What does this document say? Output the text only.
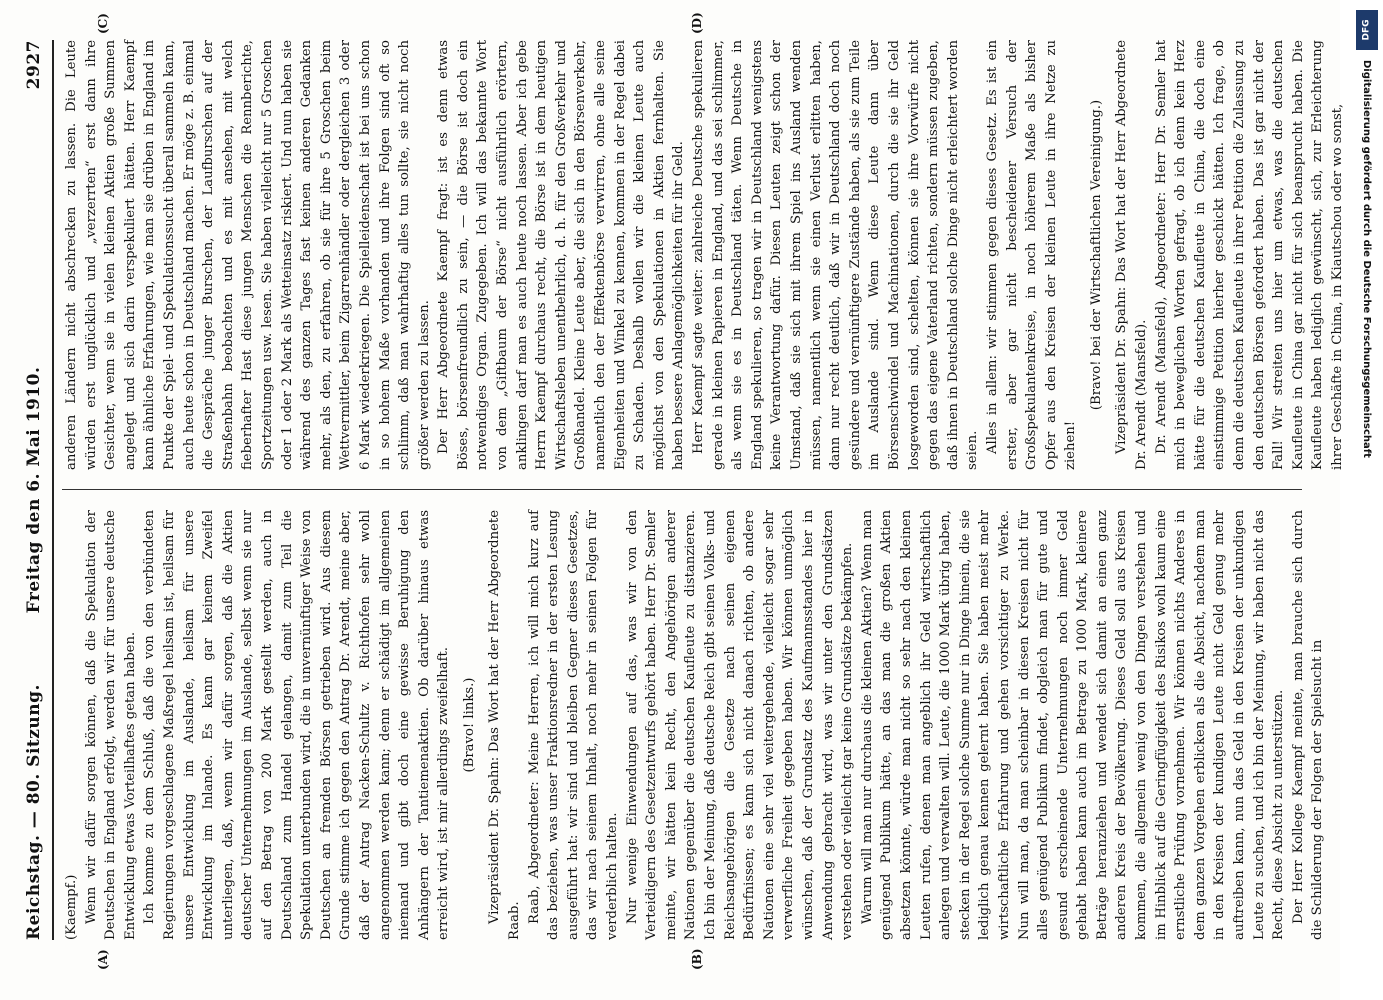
Reichstag. — 80. Sitzung.
Freitag den 6. Mai 1910.
2927
(A)	(B)
(C)	(D)

(Kaempf.) Wenn wir dafür sorgen können, daß die Spekulation der Deutschen in England erfolgt, werden wir für unsere deutsche Entwicklung etwas Vorteilhaftes getan haben. Ich komme zu dem Schluß, daß die von den verbündeten Regierungen vorgeschlagene Maßregel heilsam ist, heilsam für unsere Entwicklung im Auslande, heilsam für unsere Entwicklung im Inlande. Es kann gar keinem Zweifel unterliegen, daß, wenn wir dafür sorgen, daß die Aktien deutscher Unternehmungen im Auslande, selbst wenn sie nur auf den Betrag von 200 Mark gestellt werden, auch in Deutschland zum Handel gelangen, damit zum Teil die Spekulation unterbunden wird, die in unvernünftiger Weise von Deutschen an fremden Börsen getrieben wird. Aus diesem Grunde stimme ich gegen den Antrag Dr. Arendt, meine aber, daß der Antrag Nacken-Schultz v. Richthofen sehr wohl angenommen werden kann; denn er schädigt im allgemeinen niemand und gibt doch eine gewisse Beruhigung den Anhängern der Tantiemenaktien. Ob darüber hinaus etwas erreicht wird, ist mir allerdings zweifelhaft. (Bravo! links.) Vizepräsident Dr. Spahn: Das Wort hat der Herr Abgeordnete Raab. Raab, Abgeordneter: Meine Herren, ich will mich kurz auf das beziehen, was unser Fraktionsredner in der ersten Lesung ausgeführt hat: wir sind und bleiben Gegner dieses Gesetzes, das wir nach seinem Inhalt, noch mehr in seinen Folgen für verderblich halten. Nur wenige Einwendungen auf das, was wir von den Verteidigern des Gesetzentwurfs gehört haben. Herr Dr. Semler meinte, wir hätten kein Recht, den Angehörigen anderer Nationen gegenüber die deutschen Kaufleute zu distanzieren. Ich bin der Meinung, daß deutsche Reich gibt seinen Volks- und Reichsangehörigen die Gesetze nach seinen eigenen Bedürfnissen; es kann sich nicht danach richten, ob andere Nationen eine sehr viel weitergehende, vielleicht sogar sehr verwerfliche Freiheit gegeben haben. Wir können unmöglich wünschen, daß der Grundsatz des Kaufmannsstandes hier in Anwendung gebracht wird, was wir unter den Grundsätzen verstehen oder vielleicht gar keine Grundsätze bekämpfen. Warum will man nur durchaus die kleinen Aktien? Wenn man genügend Publikum hätte, an das man die großen Aktien absetzen könnte, würde man nicht so sehr nach den kleinen Leuten rufen, denen man angeblich ihr Geld wirtschaftlich anlegen und verwalten will. Leute, die 1000 Mark übrig haben, stecken in der Regel solche Summe nur in Dinge hinein, die sie lediglich genau kennen gelernt haben. Sie haben meist mehr wirtschaftliche Erfahrung und gehen vorsichtiger zu Werke. Nun will man, da man scheinbar in diesen Kreisen nicht für alles genügend Publikum findet, obgleich man für gute und gesund erscheinende Unternehmungen noch immer Geld gehabt haben kann auch im Betrage zu 1000 Mark, kleinere Beträge heranziehen und wendet sich damit an einen ganz anderen Kreis der Bevölkerung. Dieses Geld soll aus Kreisen kommen, die allgemein wenig von den Dingen verstehen und im Hinblick auf die Geringfügigkeit des Risikos wohl kaum eine ernstliche Prüfung vornehmen. Wir können nichts Anderes in dem ganzen Vorgehen erblicken als die Absicht, nachdem man in den Kreisen der kundigen Leute nicht Geld genug mehr auftreiben kann, nun das Geld in den Kreisen der unkundigen Leute zu suchen, und ich bin der Meinung, wir haben nicht das Recht, diese Absicht zu unterstützen. Der Herr Kollege Kaempf meinte, man brauche sich durch die Schilderung der Folgen der Spielsucht in

anderen Ländern nicht abschrecken zu lassen. Die Leute würden erst unglücklich und „verzerrten“ erst dann ihre Gesichter, wenn sie in vielen kleinen Aktien große Summen angelegt und sich darin verspekuliert hätten. Herr Kaempf kann ähnliche Erfahrungen, wie man sie drüben in England im Punkte der Spiel- und Spekulationssucht überall sammeln kann, auch heute schon in Deutschland machen. Er möge z. B. einmal die Gespräche junger Burschen, der Laufburschen auf der Straßenbahn beobachten und es mit ansehen, mit welch fieberhafter Hast diese jungen Menschen die Rennberichte, Sportzeitungen usw. lesen. Sie haben vielleicht nur 5 Groschen oder 1 oder 2 Mark als Wetteinsatz riskiert. Und nun haben sie während des ganzen Tages fast keinen anderen Gedanken mehr, als den, zu erfahren, ob sie für ihre 5 Groschen beim Wettvermittler, beim Zigarrenhändler oder dergleichen 3 oder 6 Mark wiederkriegen. Die Spielleidenschaft ist bei uns schon in so hohem Maße vorhanden und ihre Folgen sind oft so schlimm, daß man wahrhaftig alles tun sollte, sie nicht noch größer werden zu lassen. Der Herr Abgeordnete Kaempf fragt: ist es denn etwas Böses, börsenfreundlich zu sein, — die Börse ist doch ein notwendiges Organ. Zugegeben. Ich will das bekannte Wort von dem „Giftbaum der Börse“ nicht ausführlich erörtern, anklingen darf man es auch heute noch lassen. Aber ich gebe Herrn Kaempf durchaus recht, die Börse ist in dem heutigen Wirtschaftsleben unentbehrlich, d. h. für den Großverkehr und Großhandel. Kleine Leute aber, die sich in den Börsenverkehr, namentlich den der Effektenbörse verwirren, ohne alle seine Eigenheiten und Winkel zu kennen, kommen in der Regel dabei zu Schaden. Deshalb wollen wir die kleinen Leute auch möglichst von den Spekulationen in Aktien fernhalten. Sie haben bessere Anlagemöglichkeiten für ihr Geld. Herr Kaempf sagte weiter: zahlreiche Deutsche spekulieren gerade in kleinen Papieren in England, und das sei schlimmer, als wenn sie es in Deutschland täten. Wenn Deutsche in England spekulieren, so tragen wir in Deutschland wenigstens keine Verantwortung dafür. Diesen Leuten zeigt schon der Umstand, daß sie sich mit ihrem Spiel ins Ausland wenden müssen, namentlich wenn sie einen Verlust erlitten haben, dann nur recht deutlich, daß wir in Deutschland doch noch gesündere und vernünftigere Zustände haben, als sie zum Teile im Auslande sind. Wenn diese Leute dann über Börsenschwindel und Machinationen, durch die sie ihr Geld losgeworden sind, schelten, können sie ihre Vorwürfe nicht gegen das eigene Vaterland richten, sondern müssen zugeben, daß ihnen in Deutschland solche Dinge nicht erleichtert worden seien. Alles in allem: wir stimmen gegen dieses Gesetz. Es ist ein erster, aber gar nicht bescheidener Versuch der Großspekulantenkreise, in noch höherem Maße als bisher Opfer aus den Kreisen der kleinen Leute in ihre Netze zu ziehen!

(Bravo! bei der Wirtschaftlichen Vereinigung.) Vizepräsident Dr. Spahn: Das Wort hat der Herr Abgeordnete Dr. Arendt (Mansfeld). Dr. Arendt (Mansfeld), Abgeordneter: Herr Dr. Semler hat mich in beweglichen Worten gefragt, ob ich denn kein Herz hätte für die deutschen Kaufleute in China, die doch eine einstimmige Petition hierher geschickt hätten. Ich frage, ob denn die deutschen Kaufleute in ihrer Petition die Zulassung zu den deutschen Börsen gefordert haben. Das ist gar nicht der Fall! Wir streiten uns hier um etwas, was die deutschen Kaufleute in China gar nicht für sich beansprucht haben. Die Kaufleute haben lediglich gewünscht, sich, zur Erleichterung ihrer Geschäfte in China, in Kiautschou oder wo sonst,

DFG
Digitalisierung gefördert durch die Deutsche Forschungsgemeinschaft
